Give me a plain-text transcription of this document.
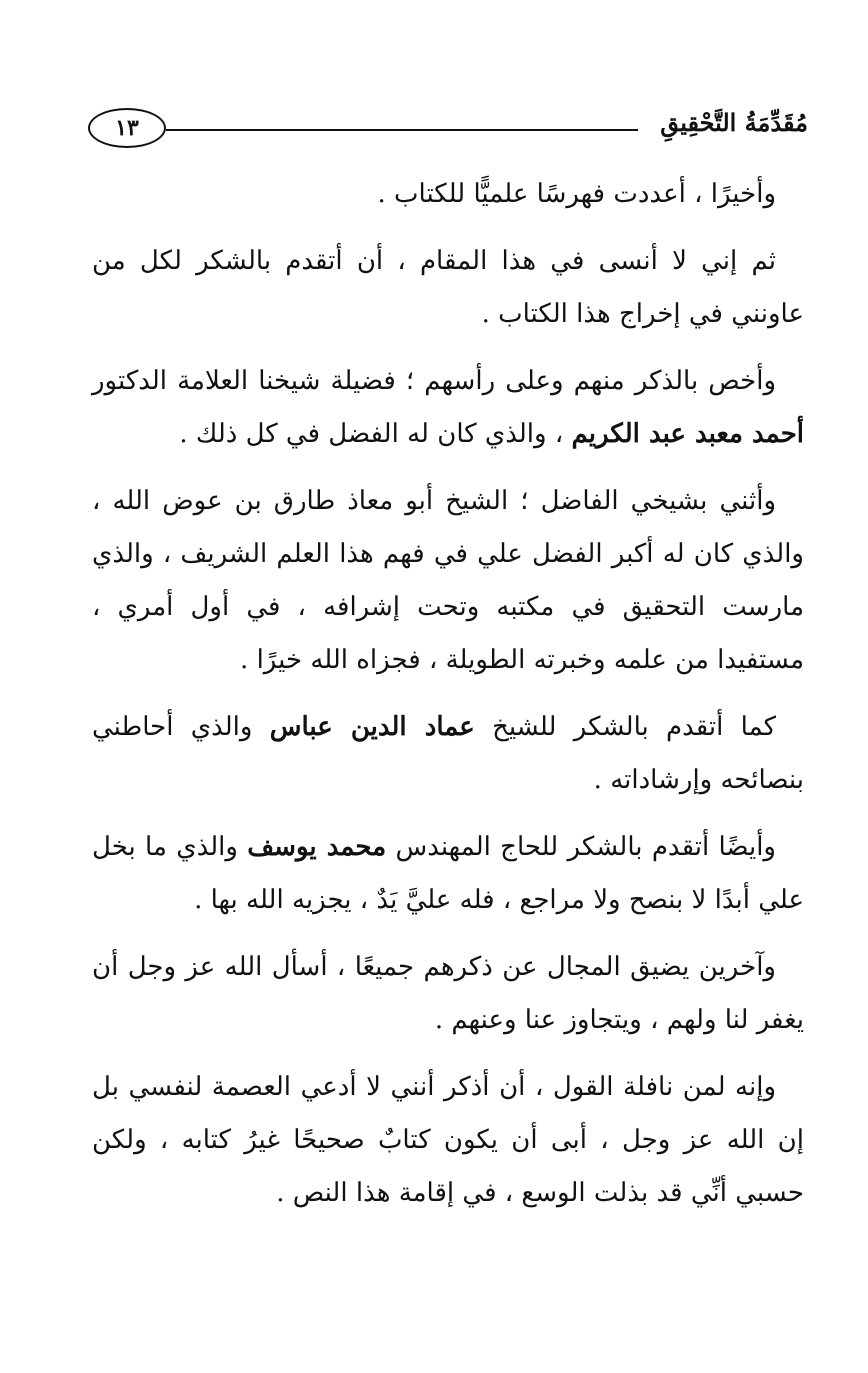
١٣	مُقَدِّمَةُ التَّحْقِيقِ

وأخيرًا ، أعددت فهرسًا علميًّا للكتاب .

ثم إني لا أنسى في هذا المقام ، أن أتقدم بالشكر لكل من عاونني في إخراج هذا الكتاب .

وأخص بالذكر منهم وعلى رأسهم ؛ فضيلة شيخنا العلامة الدكتور أحمد معبد عبد الكريم ، والذي كان له الفضل في كل ذلك .

وأثني بشيخي الفاضل ؛ الشيخ أبو معاذ طارق بن عوض الله ، والذي كان له أكبر الفضل علي في فهم هذا العلم الشريف ، والذي مارست التحقيق في مكتبه وتحت إشرافه ، في أول أمري ، مستفيدا من علمه وخبرته الطويلة ، فجزاه الله خيرًا .

كما أتقدم بالشكر للشيخ عماد الدين عباس والذي أحاطني بنصائحه وإرشاداته .

وأيضًا أتقدم بالشكر للحاج المهندس محمد يوسف والذي ما بخل علي أبدًا لا بنصح ولا مراجع ، فله عليَّ يَدٌ ، يجزيه الله بها .

وآخرين يضيق المجال عن ذكرهم جميعًا ، أسأل الله عز وجل أن يغفر لنا ولهم ، ويتجاوز عنا وعنهم .

وإنه لمن نافلة القول ، أن أذكر أنني لا أدعي العصمة لنفسي بل إن الله عز وجل ، أبى أن يكون كتابٌ صحيحًا غيرُ كتابه ، ولكن حسبي أنِّي قد بذلت الوسع ، في إقامة هذا النص .
